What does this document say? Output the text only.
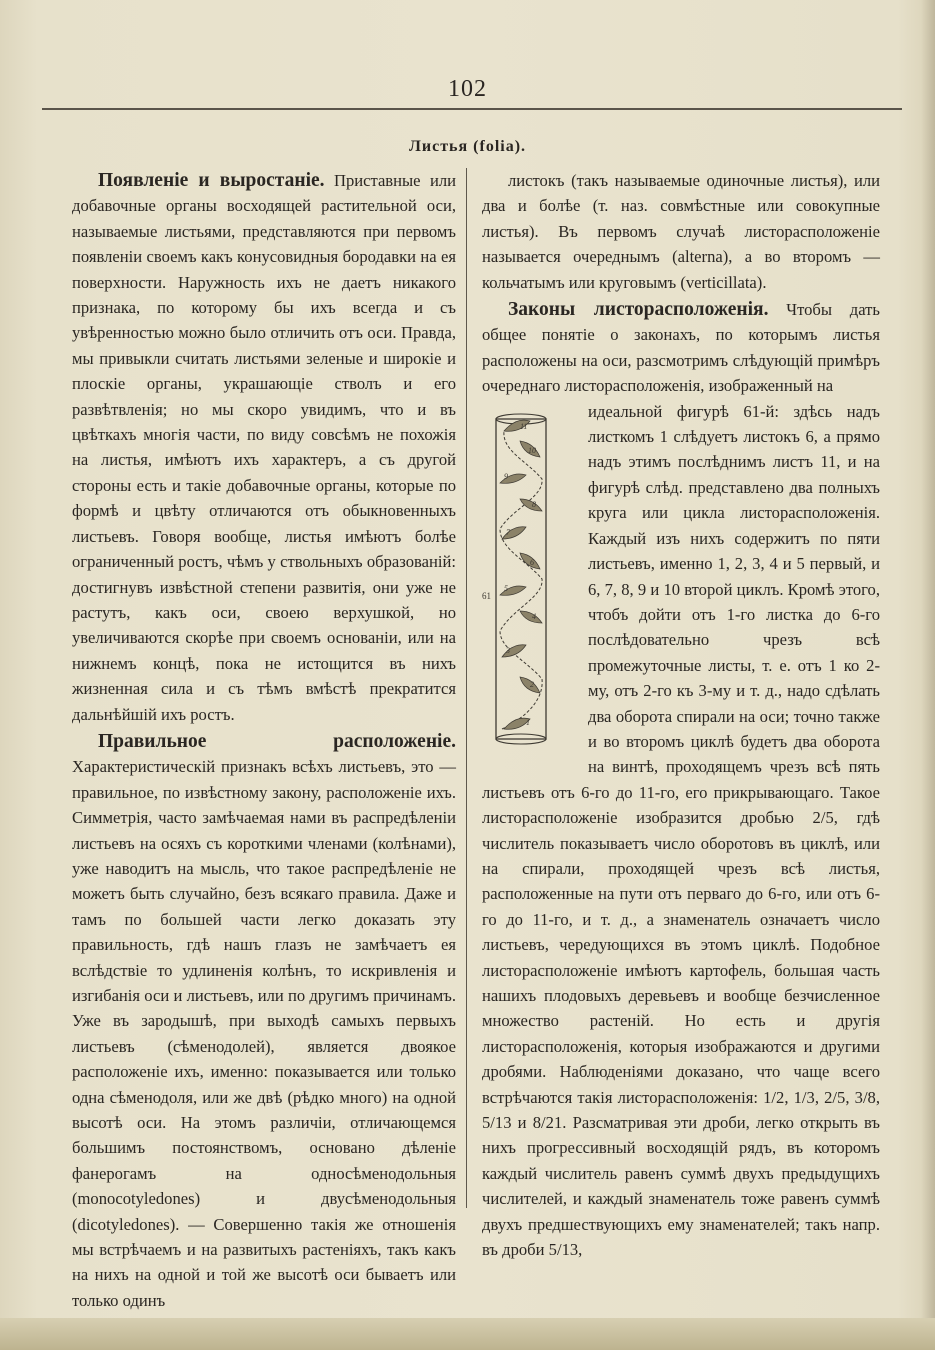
102
Листья (folia).

Появленіе и выростаніе. Приставные или добавочные органы восходящей растительной оси, называемые листьями, представляются при первомъ появленіи своемъ какъ конусовидныя бородавки на ея поверхности. Наружность ихъ не даетъ никакого признака, по которому бы ихъ всегда и съ увѣренностью можно было отличить отъ оси. Правда, мы привыкли считать листьями зеленые и широкіе и плоскіе органы, украшающіе стволъ и его развѣтвленія; но мы скоро увидимъ, что и въ цвѣткахъ многія части, по виду совсѣмъ не похожія на листья, имѣютъ ихъ характеръ, а съ другой стороны есть и такіе добавочные органы, которые по формѣ и цвѣту отличаются отъ обыкновенныхъ листьевъ. Говоря вообще, листья имѣютъ болѣе ограниченный ростъ, чѣмъ у ствольныхъ образованій: достигнувъ извѣстной степени развитія, они уже не растутъ, какъ оси, своею верхушкой, но увеличиваются скорѣе при своемъ основаніи, или на нижнемъ концѣ, пока не истощится въ нихъ жизненная сила и съ тѣмъ вмѣстѣ прекратится дальнѣйшій ихъ ростъ.

Правильное расположеніе. Характеристическій признакъ всѣхъ листьевъ, это — правильное, по извѣстному закону, расположеніе ихъ. Симметрія, часто замѣчаемая нами въ распредѣленіи листьевъ на осяхъ съ короткими членами (колѣнами), уже наводитъ на мысль, что такое распредѣленіе не можетъ быть случайно, безъ всякаго правила. Даже и тамъ по большей части легко доказать эту правильность, гдѣ нашъ глазъ не замѣчаетъ ея вслѣдствіе то удлиненія колѣнъ, то искривленія и изгибанія оси и листьевъ, или по другимъ причинамъ. Уже въ зародышѣ, при выходѣ самыхъ первыхъ листьевъ (сѣменодолей), является двоякое расположеніе ихъ, именно: показывается или только одна сѣменодоля, или же двѣ (рѣдко много) на одной высотѣ оси. На этомъ различіи, отличающемся большимъ постоянствомъ, основано дѣленіе фанерогамъ на односѣменодольныя (monocotyledones) и двусѣменодольныя (dicotyledones). — Совершенно такія же отношенія мы встрѣчаемъ и на развитыхъ растеніяхъ, такъ какъ на нихъ на одной и той же высотѣ оси бываетъ или только одинъ

листокъ (такъ называемые одиночные листья), или два и болѣе (т. наз. совмѣстные или совокупные листья). Въ первомъ случаѣ листорасположеніе называется очереднымъ (alterna), а во второмъ — кольчатымъ или круговымъ (verticillata).

Законы листорасположенія. Чтобы дать общее понятіе о законахъ, по которымъ листья расположены на оси, разсмотримъ слѣдующій примѣръ очереднаго листорасположенія, изображенный на

1
2
3
4
5
6
7
8
9
10
11
61

идеальной фигурѣ 61-й: здѣсь надъ листкомъ 1 слѣдуетъ листокъ 6, а прямо надъ этимъ послѣднимъ листъ 11, и на фигурѣ слѣд. представлено два полныхъ круга или цикла листорасположенія. Каждый изъ нихъ содержитъ по пяти листьевъ, именно 1, 2, 3, 4 и 5 первый, и 6, 7, 8, 9 и 10 второй циклъ. Кромѣ этого, чтобъ дойти отъ 1-го листка до 6-го послѣдовательно чрезъ всѣ промежуточные листы, т. е. отъ 1 ко 2-му, отъ 2-го къ 3-му и т. д., надо сдѣлать два оборота спирали на оси; точно также и во второмъ циклѣ будетъ два оборота на винтѣ, проходящемъ чрезъ всѣ пять листьевъ отъ 6-го до 11-го, его прикрывающаго. Такое листорасположеніе изобразится дробью 2/5, гдѣ числитель показываетъ число оборотовъ въ циклѣ, или на спирали, проходящей чрезъ всѣ листья, расположенные на пути отъ перваго до 6-го, или отъ 6-го до 11-го, и т. д., а знаменатель означаетъ число листьевъ, чередующихся въ этомъ циклѣ. Подобное листорасположеніе имѣютъ картофель, большая часть нашихъ плодовыхъ деревьевъ и вообще безчисленное множество растеній. Но есть и другія листорасположенія, которыя изображаются и другими дробями. Наблюденіями доказано, что чаще всего встрѣчаются такія листорасположенія: 1/2, 1/3, 2/5, 3/8, 5/13 и 8/21. Разсматривая эти дроби, легко открыть въ нихъ прогрессивный восходящій рядъ, въ которомъ каждый числитель равенъ суммѣ двухъ предыдущихъ числителей, и каждый знаменатель тоже равенъ суммѣ двухъ предшествующихъ ему знаменателей; такъ напр. въ дроби 5/13,
